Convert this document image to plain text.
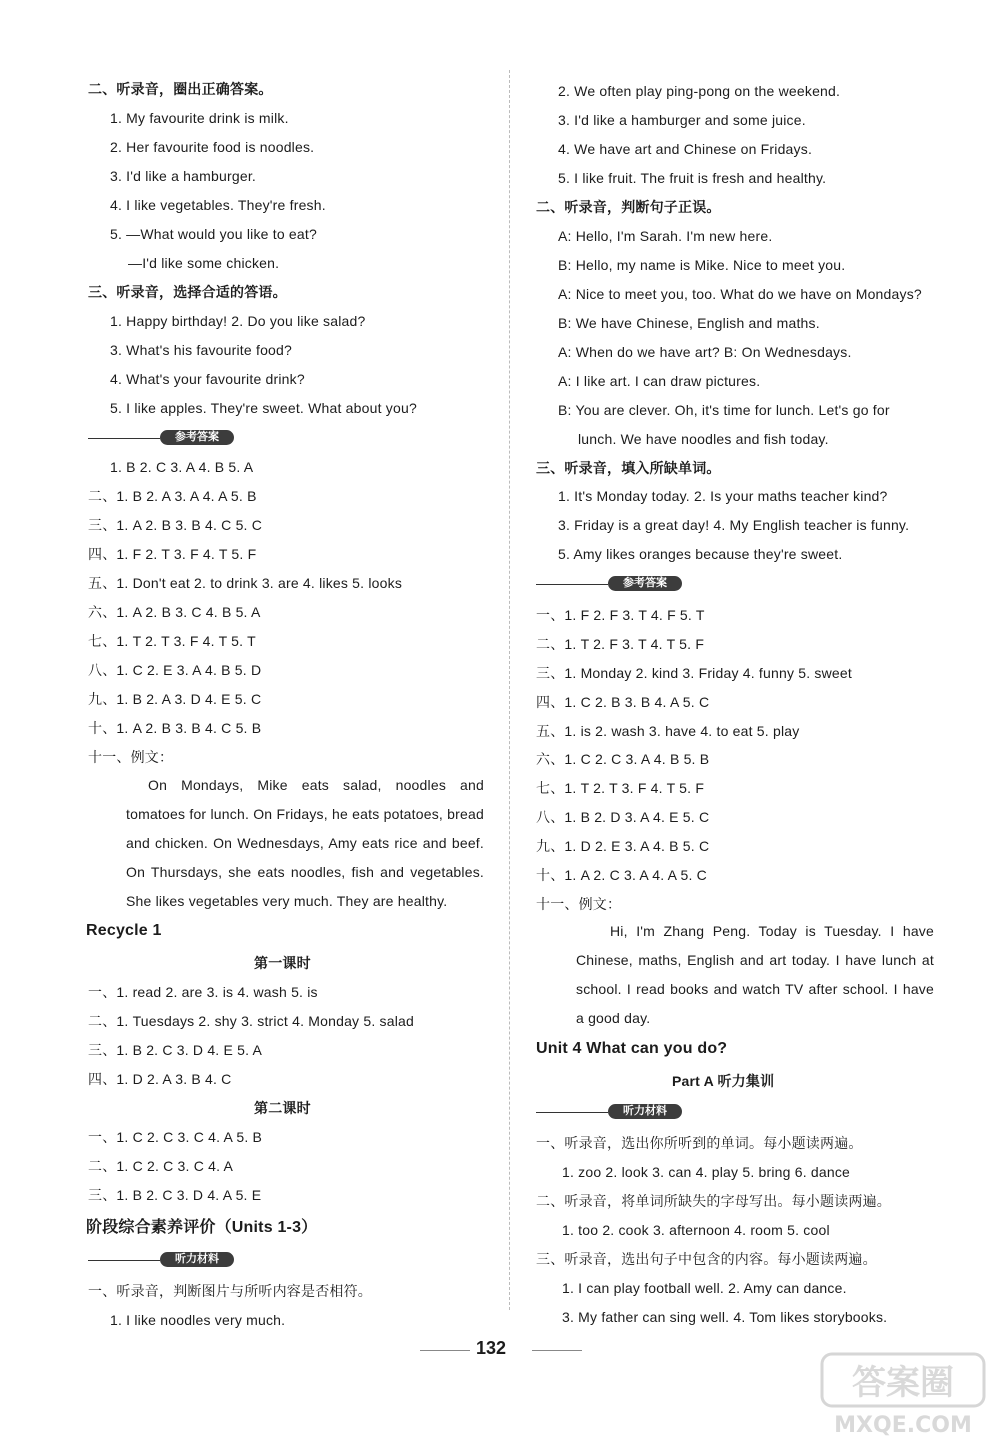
二、听录音，圈出正确答案。
1. My favourite drink is milk.
2. Her favourite food is noodles.
3. I'd like a hamburger.
4. I like vegetables. They're fresh.
5. —What would you like to eat?
—I'd like some chicken.
三、听录音，选择合适的答语。
1. Happy birthday! 2. Do you like salad?
3. What's his favourite food?
4. What's your favourite drink?
5. I like apples. They're sweet. What about you?
参考答案
1. B 2. C 3. A 4. B 5. A
二、1. B 2. A 3. A 4. A 5. B
三、1. A 2. B 3. B 4. C 5. C
四、1. F 2. T 3. F 4. T 5. F
五、1. Don't eat 2. to drink 3. are 4. likes 5. looks
六、1. A 2. B 3. C 4. B 5. A
七、1. T 2. T 3. F 4. T 5. T
八、1. C 2. E 3. A 4. B 5. D
九、1. B 2. A 3. D 4. E 5. C
十、1. A 2. B 3. B 4. C 5. B
十一、例文：
On Mondays, Mike eats salad, noodles and tomatoes for lunch. On Fridays, he eats potatoes, bread and chicken. On Wednesdays, Amy eats rice and beef. On Thursdays, she eats noodles, fish and vegetables. She likes vegetables very much. They are healthy.
Recycle 1
第一课时
一、1. read 2. are 3. is 4. wash 5. is
二、1. Tuesdays 2. shy 3. strict 4. Monday 5. salad
三、1. B 2. C 3. D 4. E 5. A
四、1. D 2. A 3. B 4. C
第二课时
一、1. C 2. C 3. C 4. A 5. B
二、1. C 2. C 3. C 4. A
三、1. B 2. C 3. D 4. A 5. E
阶段综合素养评价（Units 1-3）
听力材料
一、听录音，判断图片与所听内容是否相符。
1. I like noodles very much.
2. We often play ping-pong on the weekend.
3. I'd like a hamburger and some juice.
4. We have art and Chinese on Fridays.
5. I like fruit. The fruit is fresh and healthy.
二、听录音，判断句子正误。
A: Hello, I'm Sarah. I'm new here.
B: Hello, my name is Mike. Nice to meet you.
A: Nice to meet you, too. What do we have on Mondays?
B: We have Chinese, English and maths.
A: When do we have art? B: On Wednesdays.
A: I like art. I can draw pictures.
B: You are clever. Oh, it's time for lunch. Let's go for
lunch. We have noodles and fish today.
三、听录音，填入所缺单词。
1. It's Monday today. 2. Is your maths teacher kind?
3. Friday is a great day! 4. My English teacher is funny.
5. Amy likes oranges because they're sweet.
参考答案
一、1. F 2. F 3. T 4. F 5. T
二、1. T 2. F 3. T 4. T 5. F
三、1. Monday 2. kind 3. Friday 4. funny 5. sweet
四、1. C 2. B 3. B 4. A 5. C
五、1. is 2. wash 3. have 4. to eat 5. play
六、1. C 2. C 3. A 4. B 5. B
七、1. T 2. T 3. F 4. T 5. F
八、1. B 2. D 3. A 4. E 5. C
九、1. D 2. E 3. A 4. B 5. C
十、1. A 2. C 3. A 4. A 5. C
十一、例文：
Hi, I'm Zhang Peng. Today is Tuesday. I have Chinese, maths, English and art today. I have lunch at school. I read books and watch TV after school. I have a good day.
Unit 4 What can you do?
Part A 听力集训
听力材料
一、听录音，选出你所听到的单词。每小题读两遍。
1. zoo 2. look 3. can 4. play 5. bring 6. dance
二、听录音，将单词所缺失的字母写出。每小题读两遍。
1. too 2. cook 3. afternoon 4. room 5. cool
三、听录音，选出句子中包含的内容。每小题读两遍。
1. I can play football well. 2. Amy can dance.
3. My father can sing well. 4. Tom likes storybooks.
132
答案圈
MXQE.COM
